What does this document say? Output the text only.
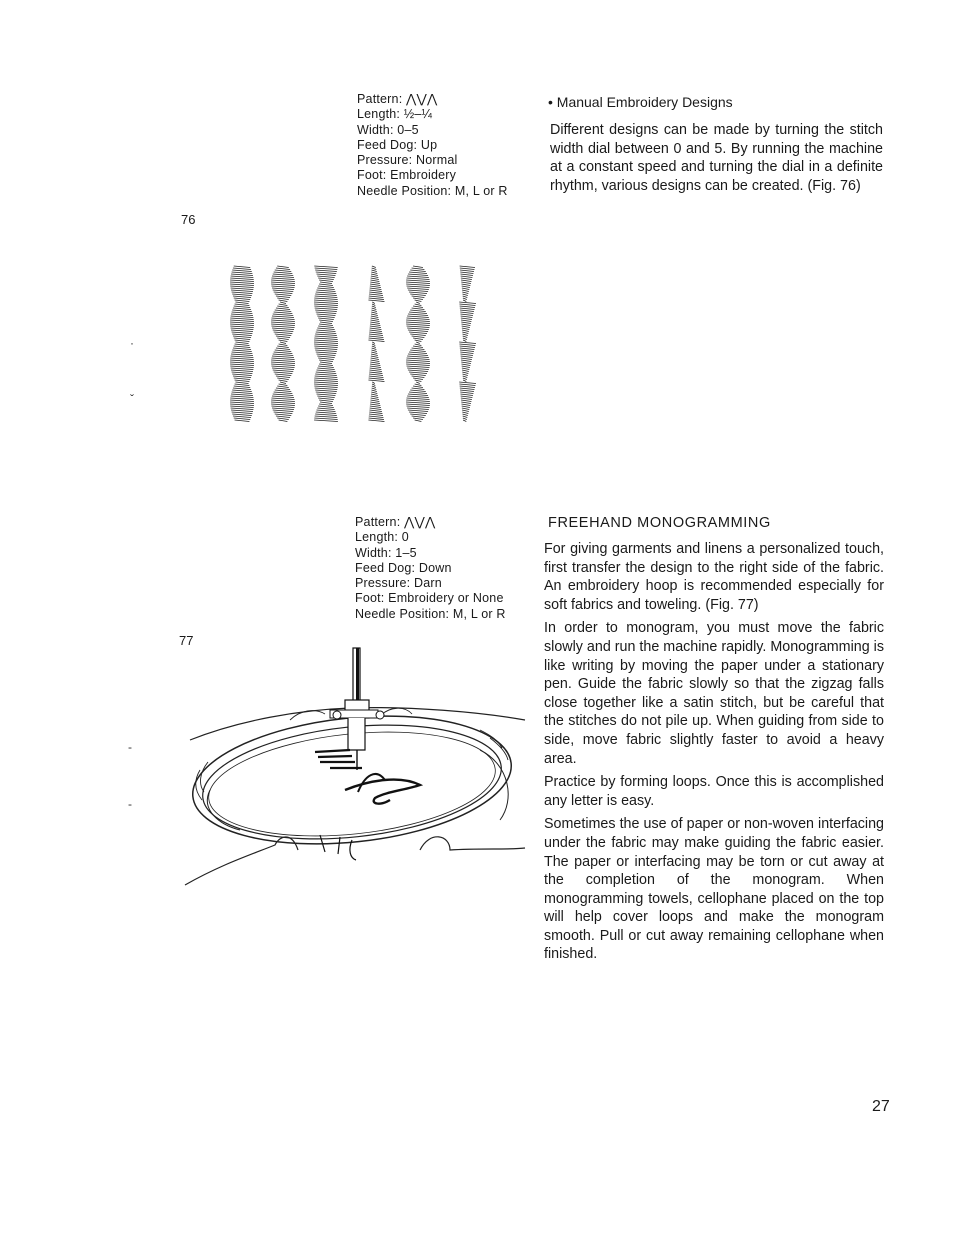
Pattern: ⋀⋁⋀
Length: ½–¼
Width: 0–5
Feed Dog: Up
Pressure: Normal
Foot: Embroidery
Needle Position: M, L or R
76
• Manual Embroidery Designs

Different designs can be made by turning the stitch width dial between 0 and 5. By running the machine at a constant speed and turning the dial in a definite rhythm, various designs can be created. (Fig. 76)

Pattern: ⋀⋁⋀
Length: 0
Width: 1–5
Feed Dog: Down
Pressure: Darn
Foot: Embroidery or None
Needle Position: M, L or R
77
FREEHAND MONOGRAMMING

For giving garments and linens a personalized touch, first transfer the design to the right side of the fabric. An embroidery hoop is recommended especially for soft fabrics and toweling. (Fig. 77)

In order to monogram, you must move the fabric slowly and run the machine rapidly. Monogramming is like writing by moving the paper under a stationary pen. Guide the fabric slowly so that the zigzag falls close together like a satin stitch, but be careful that the stitches do not pile up. When guiding from side to side, move fabric slightly faster to avoid a heavy area.

Practice by forming loops. Once this is accomplished any letter is easy.

Sometimes the use of paper or non-woven interfacing under the fabric may make guiding the fabric easier. The paper or interfacing may be torn or cut away at the completion of the monogram. When monogramming towels, cellophane placed on the top will help cover loops and make the monogram smooth. Pull or cut away remaining cellophane when finished.

·
ˇ
-
-
27
